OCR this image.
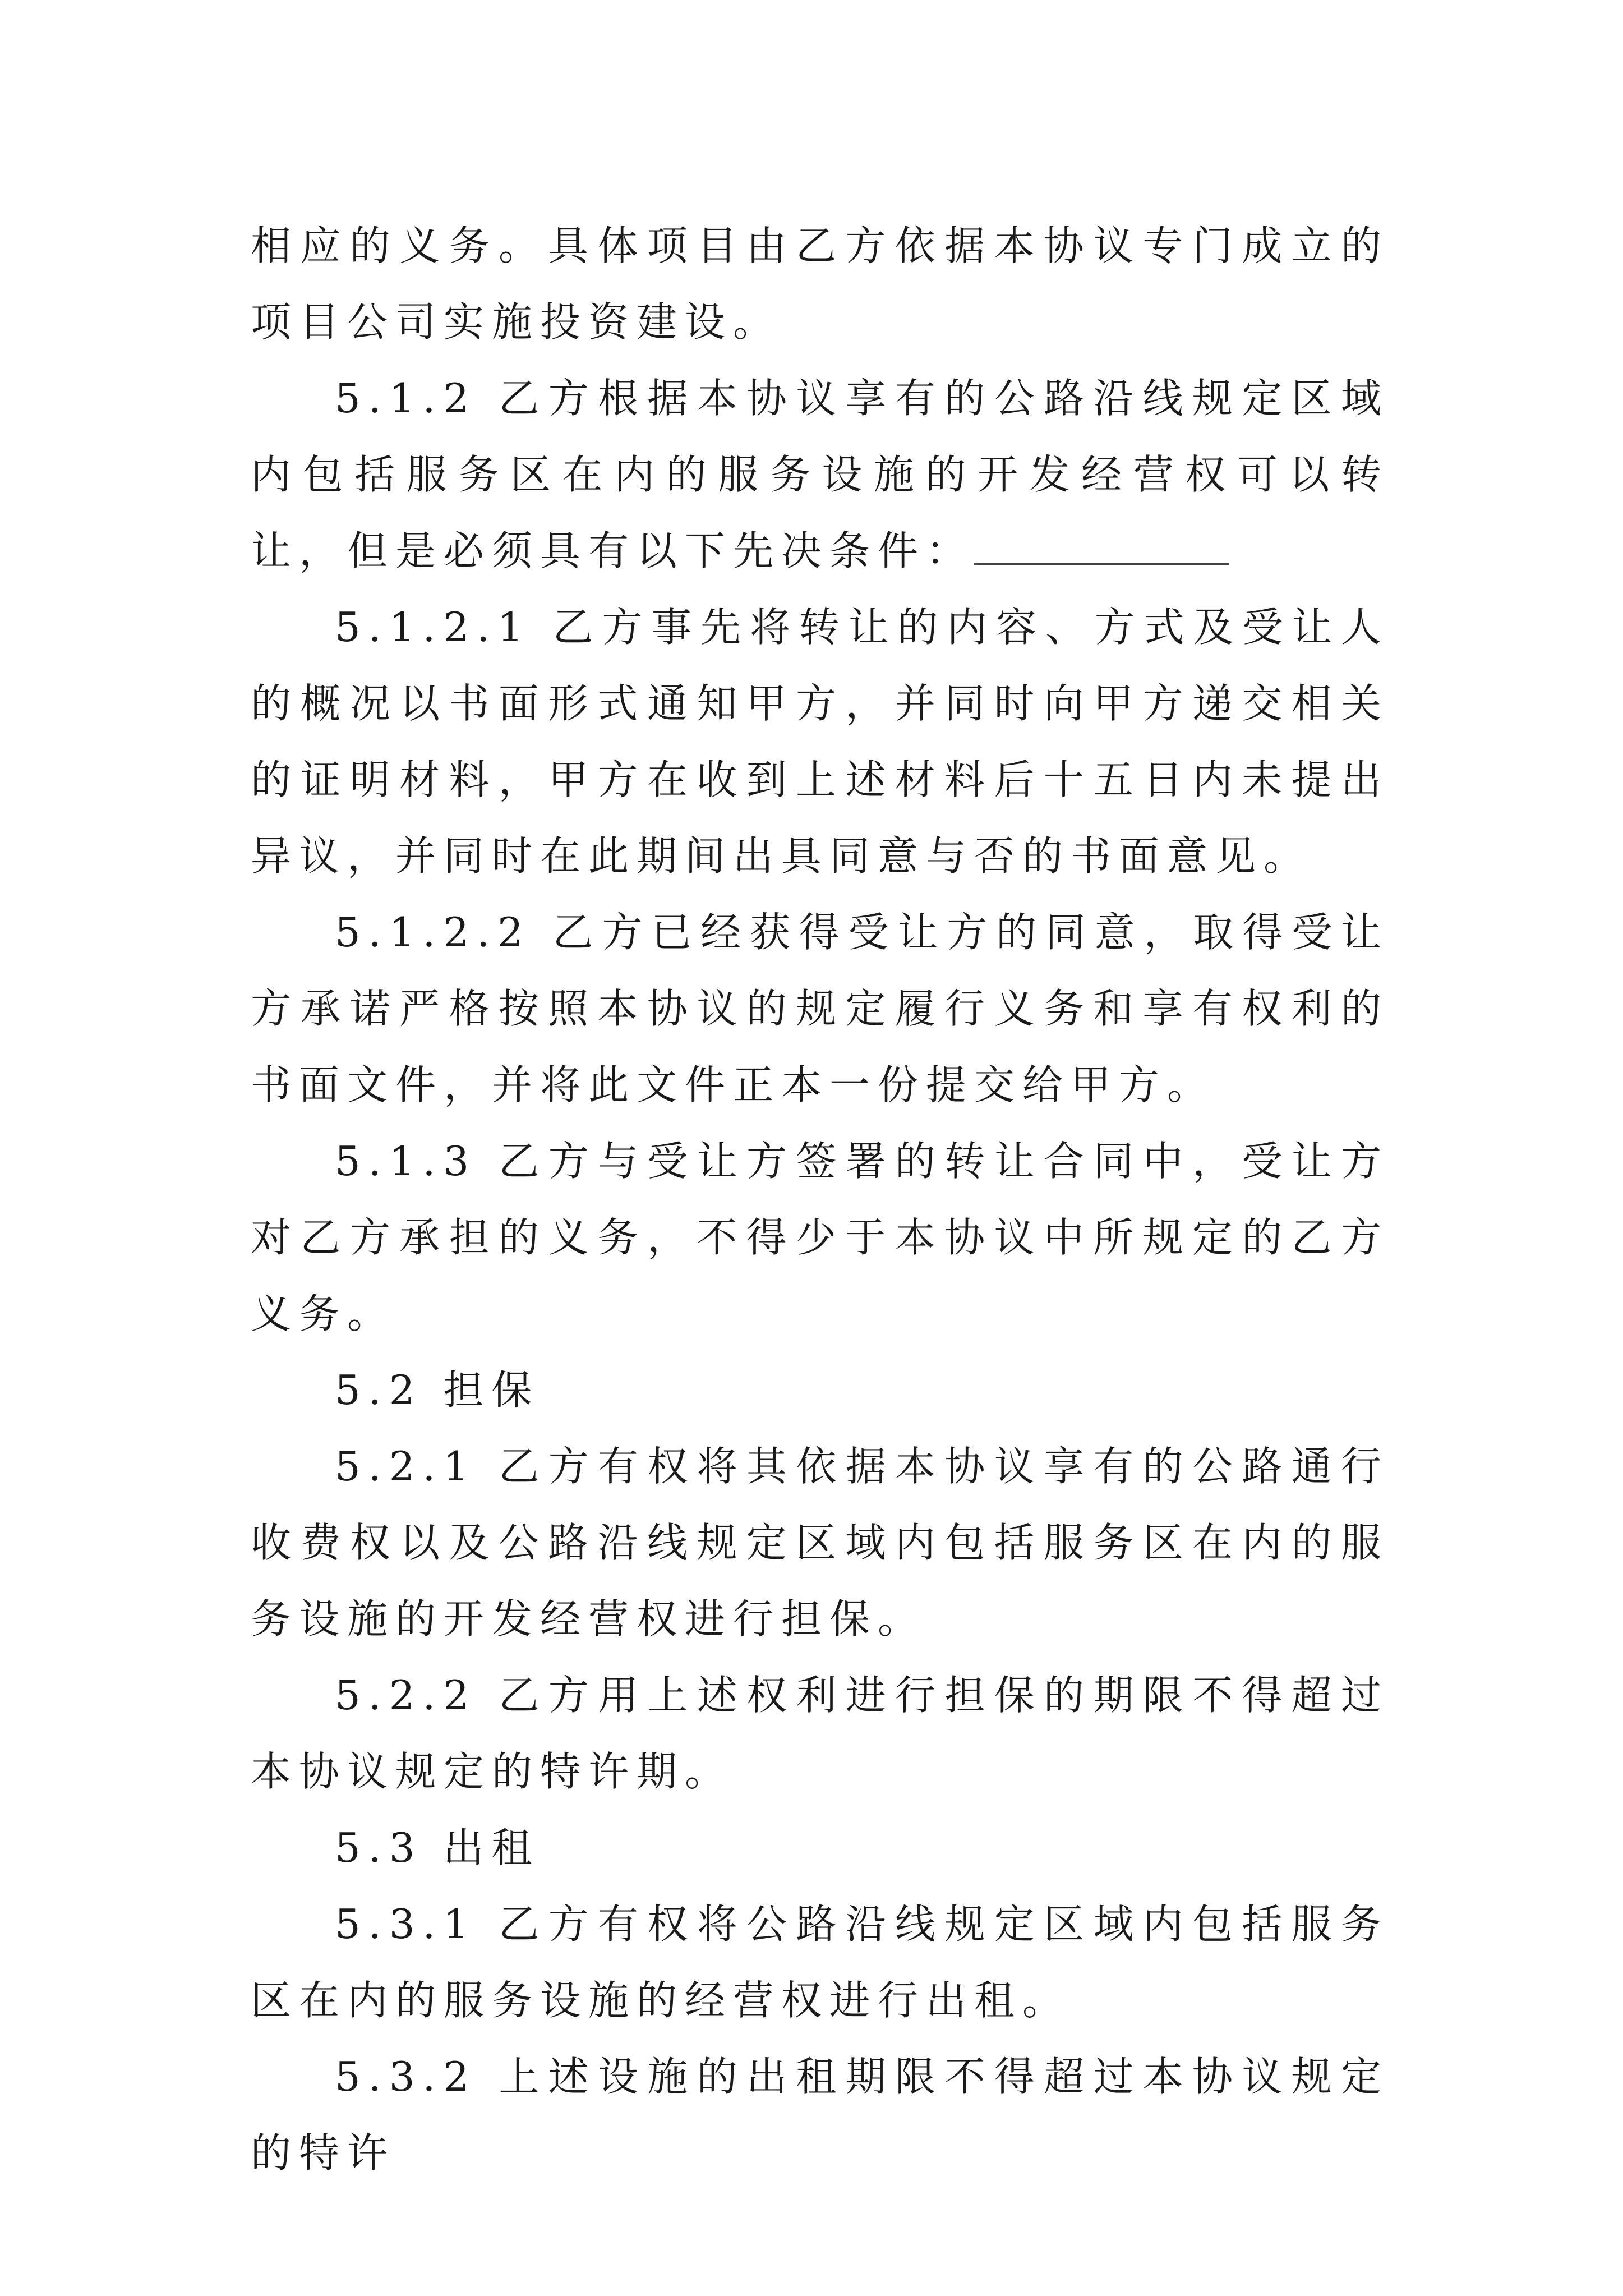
相应的义务。具体项目由乙方依据本协议专门成立的项目公司实施投资建设。

5.1.2 乙方根据本协议享有的公路沿线规定区域内包括服务区在内的服务设施的开发经营权可以转让，但是必须具有以下先决条件：

5.1.2.1 乙方事先将转让的内容、方式及受让人的概况以书面形式通知甲方，并同时向甲方递交相关的证明材料，甲方在收到上述材料后十五日内未提出异议，并同时在此期间出具同意与否的书面意见。

5.1.2.2 乙方已经获得受让方的同意，取得受让方承诺严格按照本协议的规定履行义务和享有权利的书面文件，并将此文件正本一份提交给甲方。

5.1.3 乙方与受让方签署的转让合同中，受让方对乙方承担的义务，不得少于本协议中所规定的乙方义务。

5.2 担保

5.2.1 乙方有权将其依据本协议享有的公路通行收费权以及公路沿线规定区域内包括服务区在内的服务设施的开发经营权进行担保。

5.2.2 乙方用上述权利进行担保的期限不得超过本协议规定的特许期。

5.3 出租

5.3.1 乙方有权将公路沿线规定区域内包括服务区在内的服务设施的经营权进行出租。

5.3.2 上述设施的出租期限不得超过本协议规定的特许
